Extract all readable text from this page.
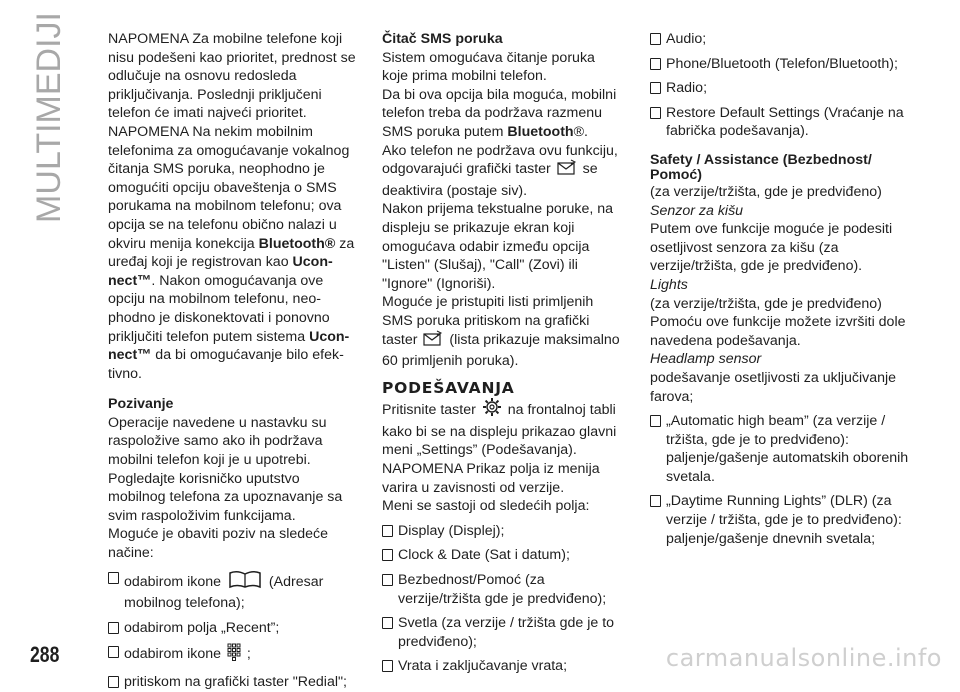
MULTIMEDIJI	NAPOMENA Za mobilne telefone koji nisu podešeni kao prioritet, prednost se odlučuje na osnovu redosleda priključivanja. Poslednji priključeni telefon će imati najveći prioritet.

NAPOMENA Na nekim mobilnim telefonima za omogućavanje vokalnog čitanja SMS poruka, neophodno je omogućiti opciju obaveštenja o SMS porukama na mobilnom telefonu; ova opcija se na telefonu obično nalazi u okviru menija konekcija Bluetooth® za uređaj koji je registrovan kao Ucon-nect™. Nakon omogućavanja ove opciju na mobilnom telefonu, neo-phodno je diskonektovati i ponovno priključiti telefon putem sistema Ucon-nect™ da bi omogućavanje bilo efek-tivno.

Pozivanje

Operacije navedene u nastavku su raspoložive samo ako ih podržava mobilni telefon koji je u upotrebi. Pogledajte korisničko uputstvo mobilnog telefona za upoznavanje sa svim raspoloživim funkcijama.

Moguće je obaviti poziv na sledeće načine:

odabirom ikone	(Adresar mobilnog telefona);
odabirom polja „Recent”;
odabirom ikone ;
pritiskom na grafički taster "Redial";

Čitač SMS poruka

Sistem omogućava čitanje poruka koje prima mobilni telefon.

Da bi ova opcija bila moguća, mobilni telefon treba da podržava razmenu SMS poruka putem Bluetooth®.

Ako telefon ne podržava ovu funkciju, odgovarajući grafički taster se deaktivira (postaje siv).

Nakon prijema tekstualne poruke, na displeju se prikazuje ekran koji omogućava odabir između opcija "Listen" (Slušaj), "Call" (Zovi) ili "Ignore" (Ignoriši).

Moguće je pristupiti listi primljenih SMS poruka pritiskom na grafički taster (lista prikazuje maksimalno 60 primljenih poruka).

PODEŠAVANJA

Pritisnite taster na frontalnoj tabli kako bi se na displeju prikazao glavni meni „Settings” (Podešavanja).

NAPOMENA Prikaz polja iz menija varira u zavisnosti od verzije.

Meni se sastoji od sledećih polja:

Display (Displej);
Clock & Date (Sat i datum);
Bezbednost/Pomoć (za verzije/tržišta gde je predviđeno);
Svetla (za verzije / tržišta gde je to predviđeno);
Vrata i zaključavanje vrata;
Audio;
Phone/Bluetooth (Telefon/Bluetooth);
Radio;
Restore Default Settings (Vraćanje na fabrička podešavanja).

Safety / Assistance (Bezbednost/ Pomoć)

(za verzije/tržišta, gde je predviđeno)

Senzor za kišu

Putem ove funkcije moguće je podesiti osetljivost senzora za kišu (za verzije/tržišta, gde je predviđeno).

Lights

(za verzije/tržišta, gde je predviđeno)

Pomoću ove funkcije možete izvršiti dole navedena podešavanja.

Headlamp sensor

podešavanje osetljivosti za uključivanje farova;

„Automatic high beam” (za verzije / tržišta, gde je to predviđeno): paljenje/gašenje automatskih oborenih svetala.
„Daytime Running Lights” (DLR) (za verzije / tržišta, gde je to predviđeno): paljenje/gašenje dnevnih svetala;
288	carmanualsonline.info
